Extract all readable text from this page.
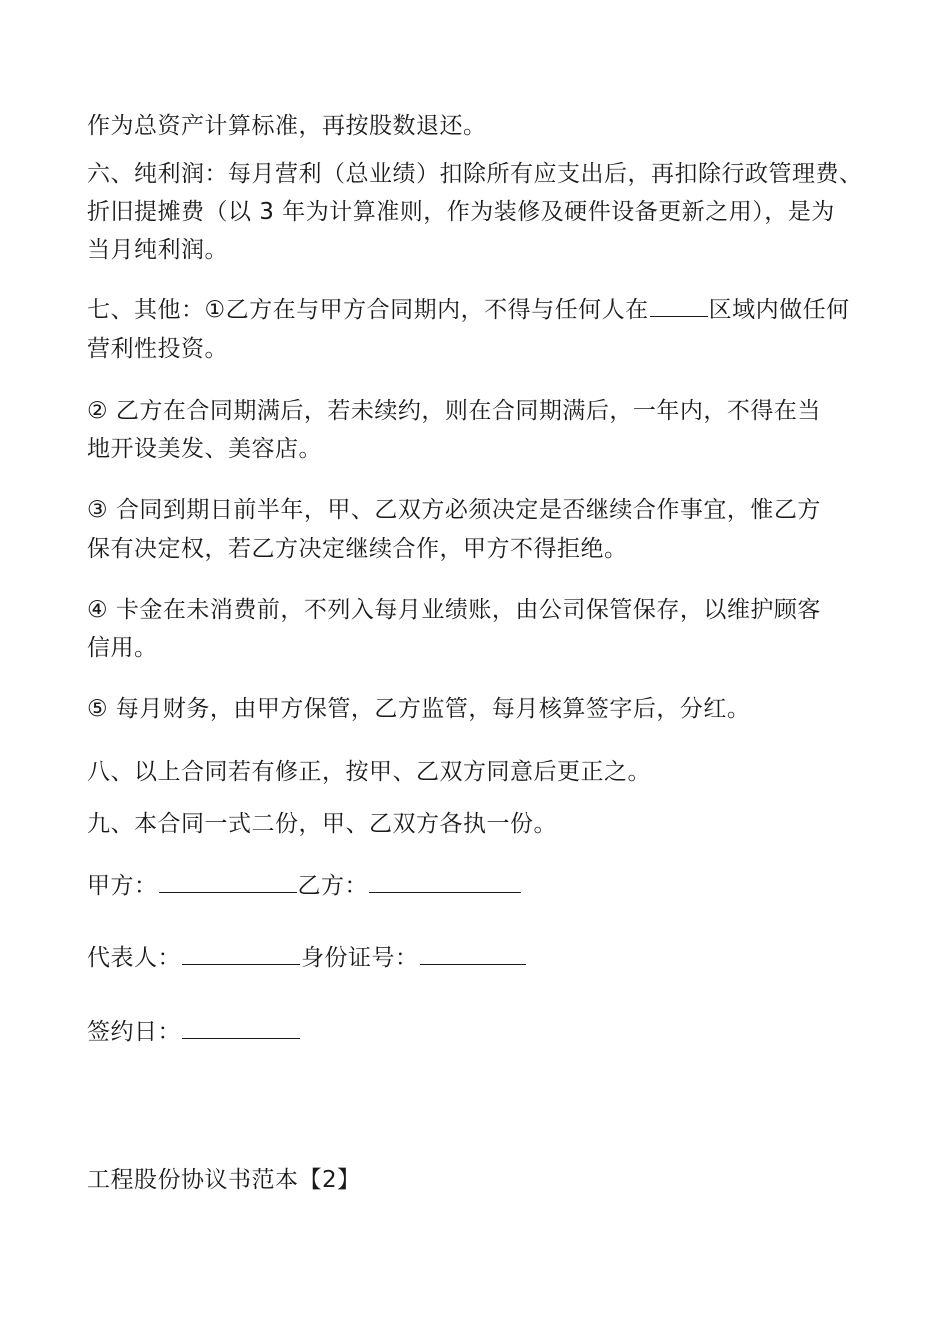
作为总资产计算标准，再按股数退还。
六、纯利润：每月营利（总业绩）扣除所有应支出后，再扣除行政管理费、
折旧提摊费（以 3 年为计算准则，作为装修及硬件设备更新之用），是为
当月纯利润。
七、其他：①乙方在与甲方合同期内，不得与任何人在	区域内做任何
营利性投资。
② 乙方在合同期满后，若未续约，则在合同期满后，一年内，不得在当
地开设美发、美容店。
③ 合同到期日前半年，甲、乙双方必须决定是否继续合作事宜，惟乙方
保有决定权，若乙方决定继续合作，甲方不得拒绝。
④ 卡金在未消费前，不列入每月业绩账，由公司保管保存，以维护顾客
信用。
⑤ 每月财务，由甲方保管，乙方监管，每月核算签字后，分红。
八、以上合同若有修正，按甲、乙双方同意后更正之。
九、本合同一式二份，甲、乙双方各执一份。
甲方：	乙方：
代表人：	身份证号：
签约日：
工程股份协议书范本【2】
